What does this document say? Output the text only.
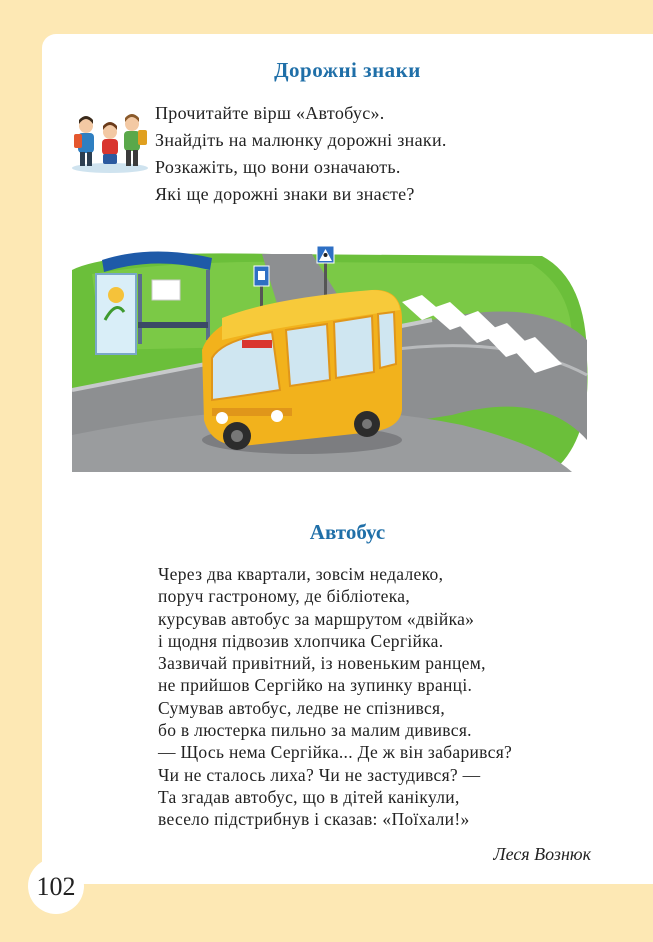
Дорожні знаки
Прочитайте вірш «Автобус».
Знайдіть на малюнку дорожні знаки.
Розкажіть, що вони означають.
Які ще дорожні знаки ви знаєте?
Автобус
Через два квартали, зовсім недалеко,
поруч гастроному, де бібліотека,
курсував автобус за маршрутом «двійка»
і щодня підвозив хлопчика Сергійка.
Зазвичай привітний, із новеньким ранцем,
не прийшов Сергійко на зупинку вранці.
Сумував автобус, ледве не спізнився,
бо в люстерка пильно за малим дивився.
— Щось нема Сергійка... Де ж він забарився?
Чи не сталось лиха? Чи не застудився? —
Та згадав автобус, що в дітей канікули,
весело підстрибнув і сказав: «Поїхали!»
Леся Вознюк
102
